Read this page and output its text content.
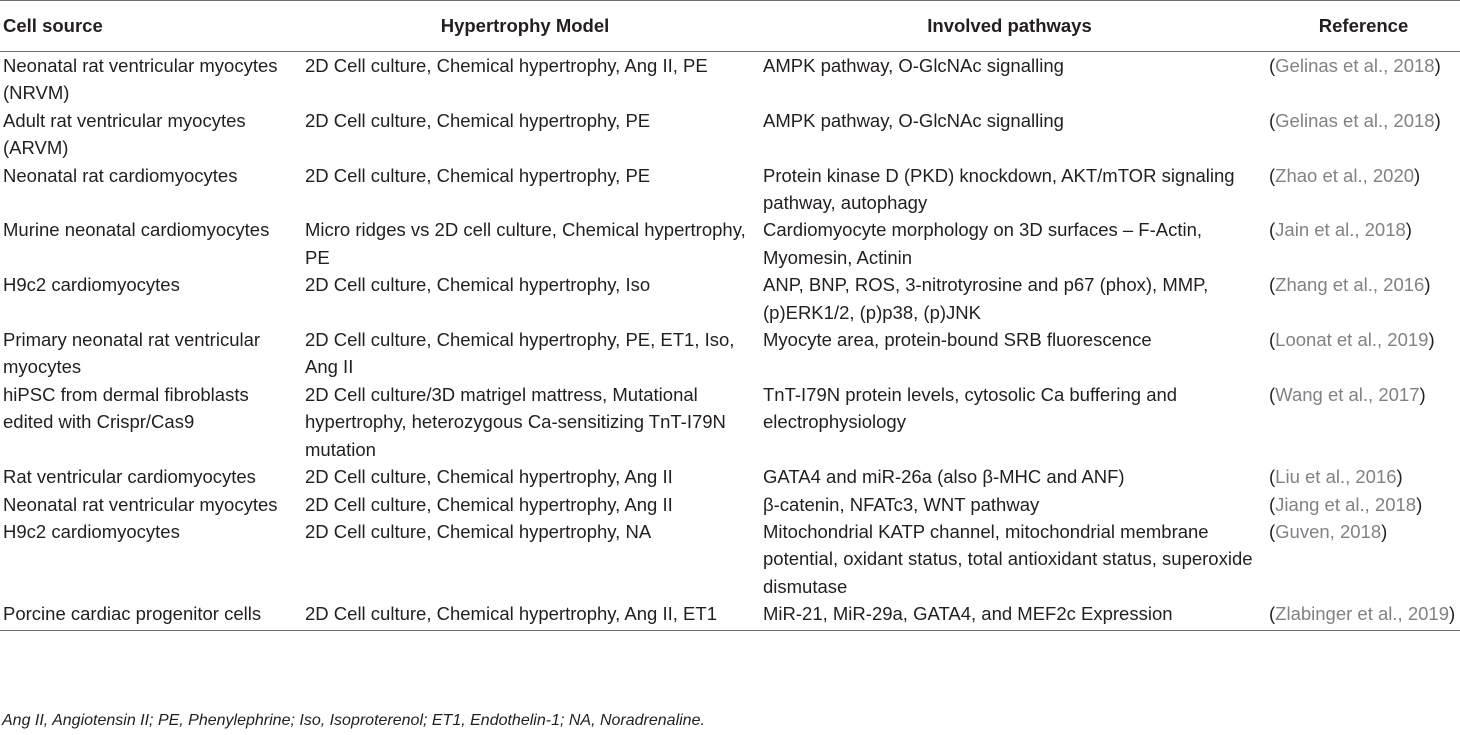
Cell source	Hypertrophy Model	Involved pathways	Reference
Neonatal rat ventricular myocytes (NRVM)	2D Cell culture, Chemical hypertrophy, Ang II, PE	AMPK pathway, O-GlcNAc signalling	(Gelinas et al., 2018)
Adult rat ventricular myocytes (ARVM)	2D Cell culture, Chemical hypertrophy, PE	AMPK pathway, O-GlcNAc signalling	(Gelinas et al., 2018)
Neonatal rat cardiomyocytes	2D Cell culture, Chemical hypertrophy, PE	Protein kinase D (PKD) knockdown, AKT/mTOR signaling pathway, autophagy	(Zhao et al., 2020)
Murine neonatal cardiomyocytes	Micro ridges vs 2D cell culture, Chemical hypertrophy, PE	Cardiomyocyte morphology on 3D surfaces – F-Actin, Myomesin, Actinin	(Jain et al., 2018)
H9c2 cardiomyocytes	2D Cell culture, Chemical hypertrophy, Iso	ANP, BNP, ROS, 3-nitrotyrosine and p67 (phox), MMP, (p)ERK1/2, (p)p38, (p)JNK	(Zhang et al., 2016)
Primary neonatal rat ventricular myocytes	2D Cell culture, Chemical hypertrophy, PE, ET1, Iso, Ang II	Myocyte area, protein-bound SRB fluorescence	(Loonat et al., 2019)
hiPSC from dermal fibroblasts edited with Crispr/Cas9	2D Cell culture/3D matrigel mattress, Mutational hypertrophy, heterozygous Ca-sensitizing TnT-I79N mutation	TnT-I79N protein levels, cytosolic Ca buffering and electrophysiology	(Wang et al., 2017)
Rat ventricular cardiomyocytes	2D Cell culture, Chemical hypertrophy, Ang II	GATA4 and miR-26a (also β-MHC and ANF)	(Liu et al., 2016)
Neonatal rat ventricular myocytes	2D Cell culture, Chemical hypertrophy, Ang II	β-catenin, NFATc3, WNT pathway	(Jiang et al., 2018)
H9c2 cardiomyocytes	2D Cell culture, Chemical hypertrophy, NA	Mitochondrial KATP channel, mitochondrial membrane potential, oxidant status, total antioxidant status, superoxide dismutase	(Guven, 2018)
Porcine cardiac progenitor cells	2D Cell culture, Chemical hypertrophy, Ang II, ET1	MiR-21, MiR-29a, GATA4, and MEF2c Expression	(Zlabinger et al., 2019)
Ang II, Angiotensin II; PE, Phenylephrine; Iso, Isoproterenol; ET1, Endothelin-1; NA, Noradrenaline.
